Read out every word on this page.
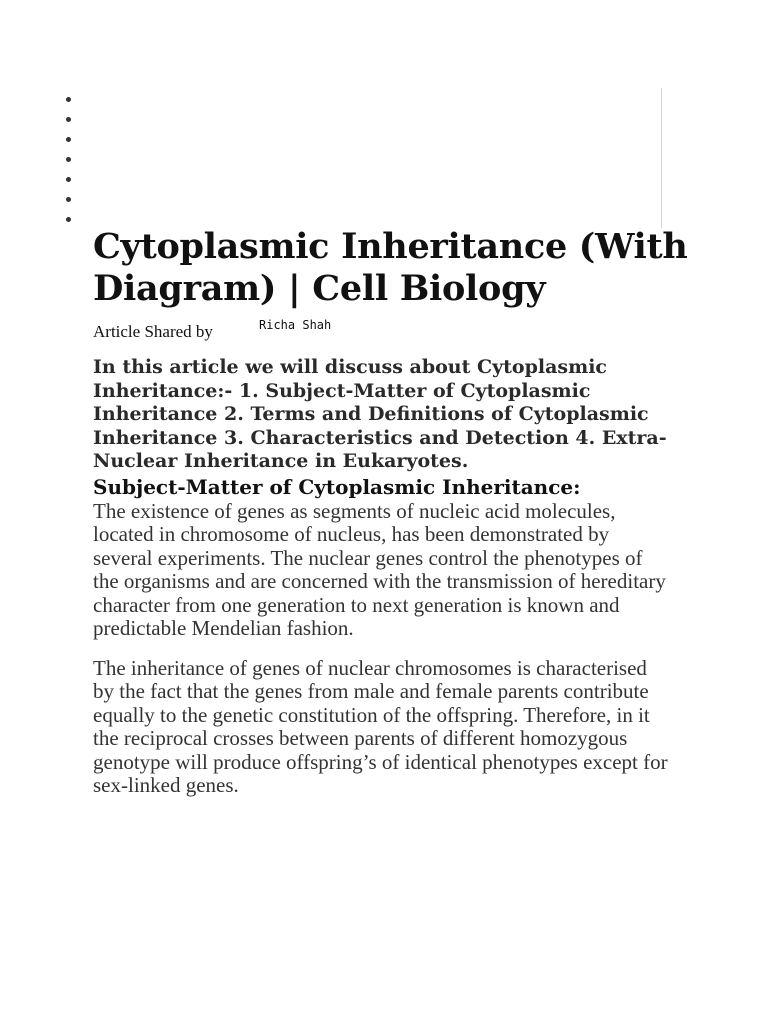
Cytoplasmic Inheritance (With Diagram) | Cell Biology
Article Shared by	Richa Shah

In this article we will discuss about Cytoplasmic Inheritance:- 1. Subject-Matter of Cytoplasmic Inheritance 2. Terms and Definitions of Cytoplasmic Inheritance 3. Characteristics and Detection 4. Extra-Nuclear Inheritance in Eukaryotes.

Subject-Matter of Cytoplasmic Inheritance:

The existence of genes as segments of nucleic acid molecules, located in chromosome of nucleus, has been demonstrated by several experiments. The nuclear genes control the phenotypes of the organisms and are concerned with the transmission of hereditary character from one generation to next generation is known and predictable Mendelian fashion.

The inheritance of genes of nuclear chromosomes is characterised by the fact that the genes from male and female parents contribute equally to the genetic constitution of the offspring. Therefore, in it the reciprocal crosses between parents of different homozygous genotype will produce offspring’s of identical phenotypes except for sex-linked genes.
